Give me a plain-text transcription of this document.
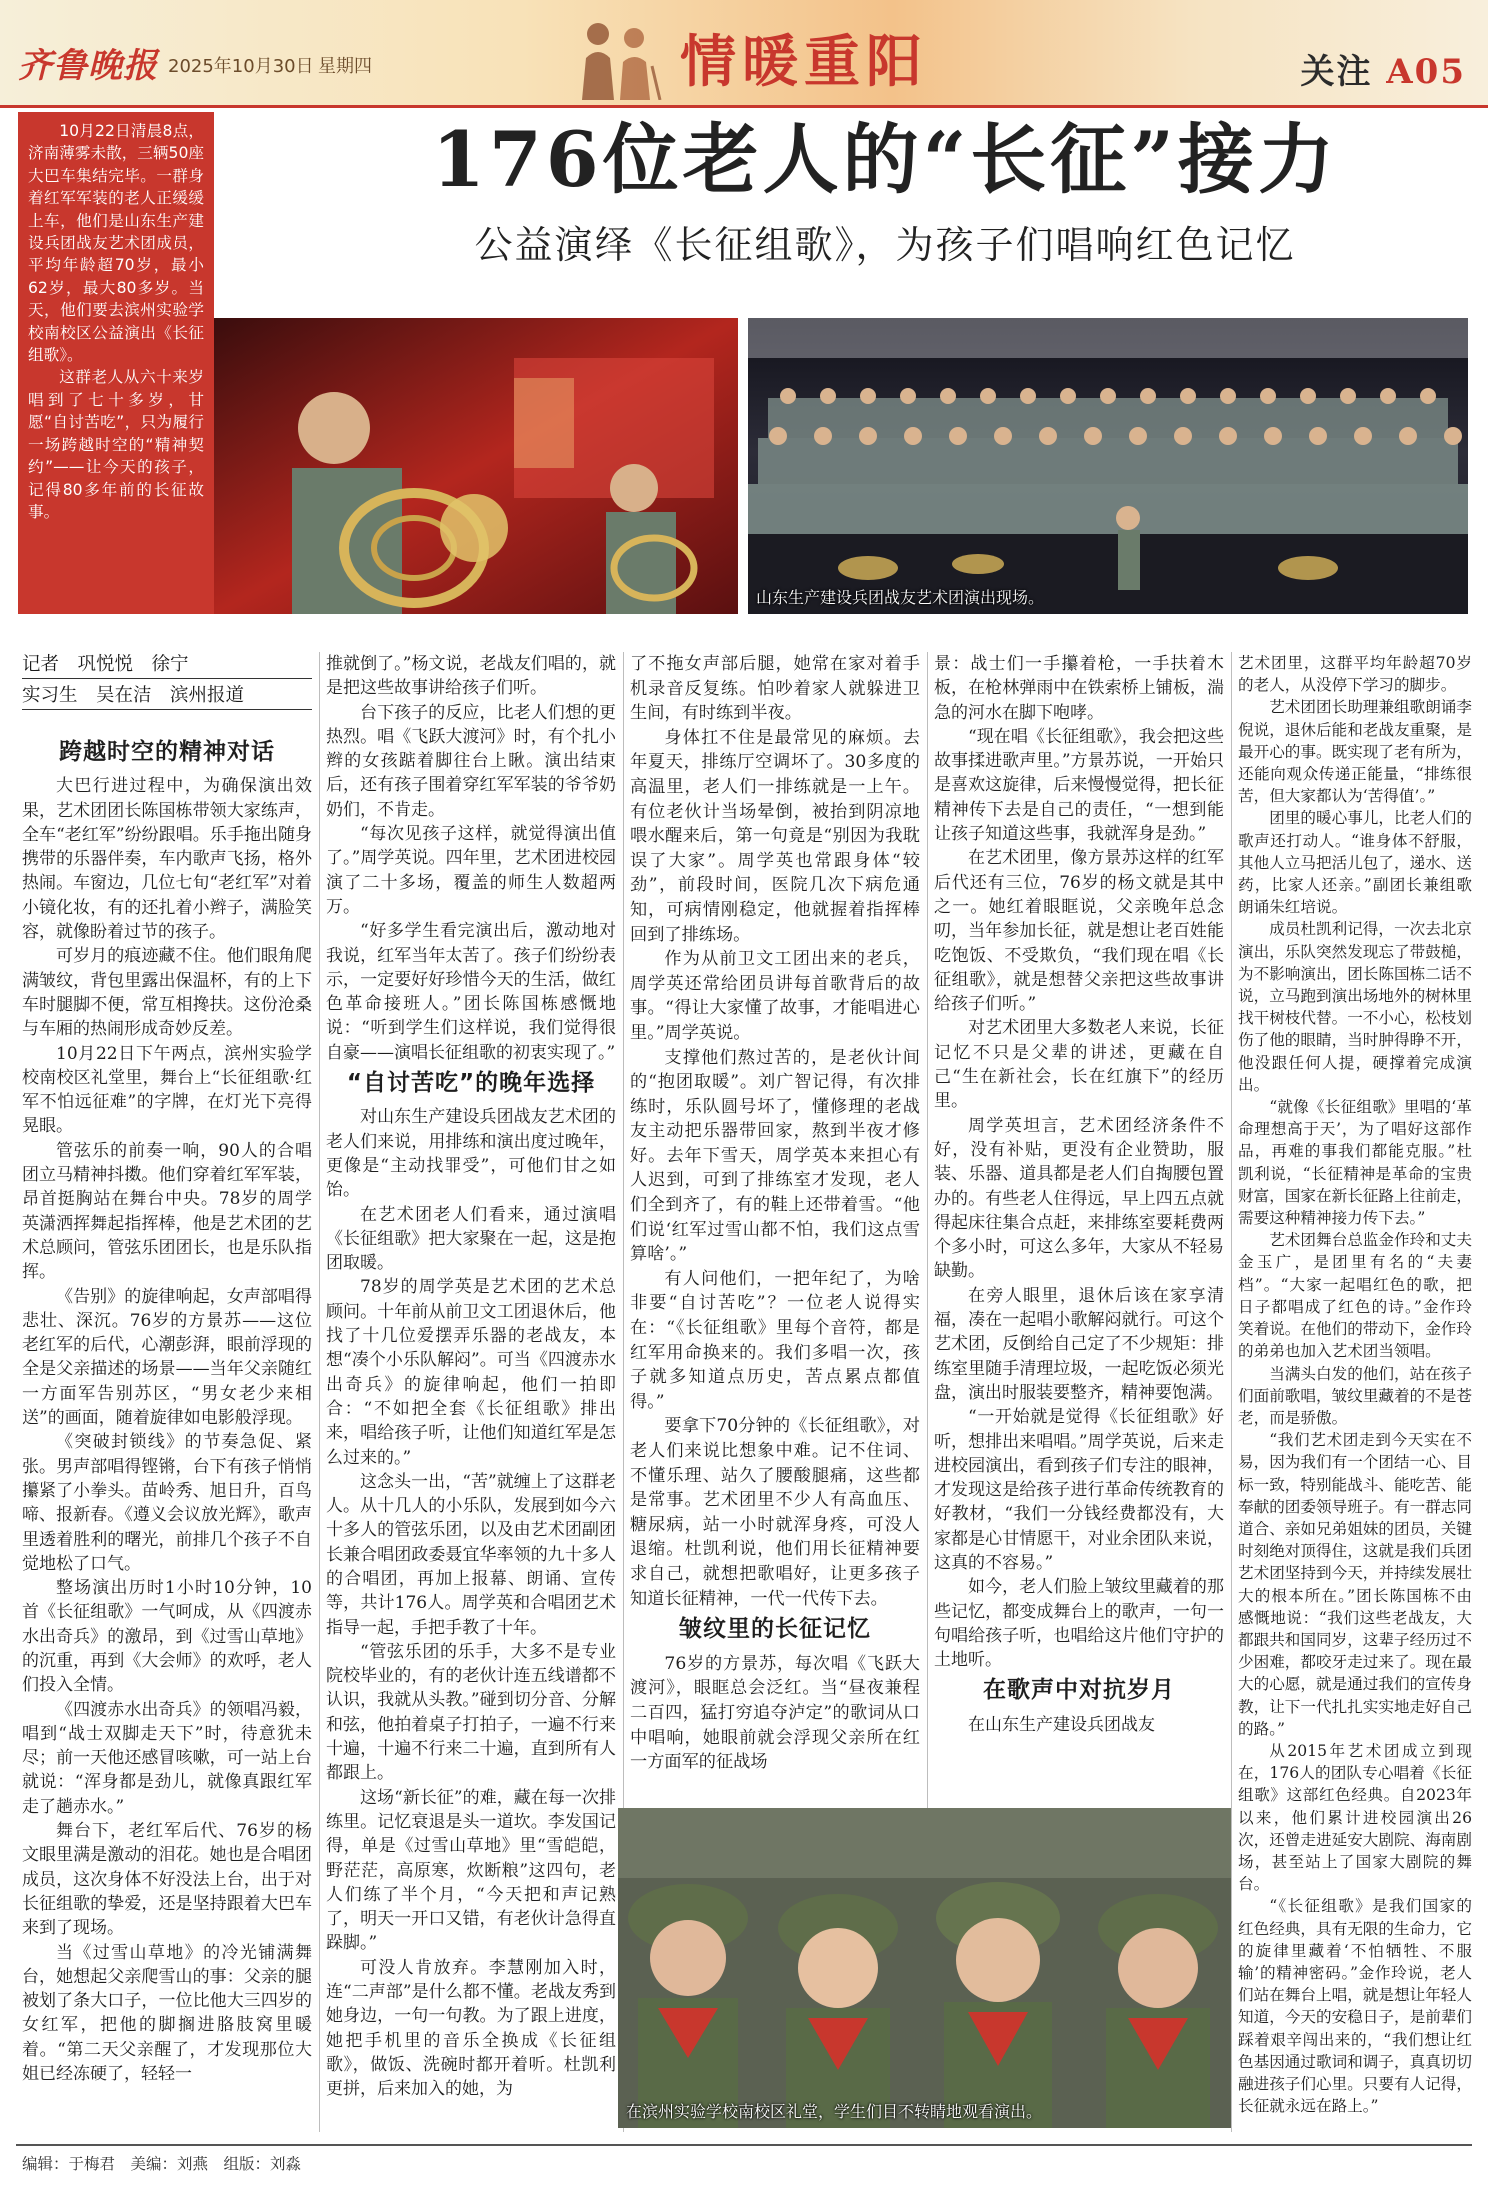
齐鲁晚报 2025年10月30日 星期四	情暖重阳	关注 A05

10月22日清晨8点，济南薄雾未散，三辆50座大巴车集结完毕。一群身着红军军装的老人正缓缓上车，他们是山东生产建设兵团战友艺术团成员，平均年龄超70岁，最小62岁，最大80多岁。当天，他们要去滨州实验学校南校区公益演出《长征组歌》。

这群老人从六十来岁唱到了七十多岁，甘愿“自讨苦吃”，只为履行一场跨越时空的“精神契约”——让今天的孩子，记得80多年前的长征故事。

176位老人的“长征”接力
公益演绎《长征组歌》，为孩子们唱响红色记忆
山东生产建设兵团战友艺术团演出现场。
记者　巩悦悦　徐宁
实习生　吴在洁　滨州报道
跨越时空的精神对话

大巴行进过程中，为确保演出效果，艺术团团长陈国栋带领大家练声，全车“老红军”纷纷跟唱。乐手拖出随身携带的乐器伴奏，车内歌声飞扬，格外热闹。车窗边，几位七旬“老红军”对着小镜化妆，有的还扎着小辫子，满脸笑容，就像盼着过节的孩子。

可岁月的痕迹藏不住。他们眼角爬满皱纹，背包里露出保温杯，有的上下车时腿脚不便，常互相搀扶。这份沧桑与车厢的热闹形成奇妙反差。

10月22日下午两点，滨州实验学校南校区礼堂里，舞台上“长征组歌·红军不怕远征难”的字牌，在灯光下亮得晃眼。

管弦乐的前奏一响，90人的合唱团立马精神抖擞。他们穿着红军军装，昂首挺胸站在舞台中央。78岁的周学英潇洒挥舞起指挥棒，他是艺术团的艺术总顾问，管弦乐团团长，也是乐队指挥。

《告别》的旋律响起，女声部唱得悲壮、深沉。76岁的方景苏——这位老红军的后代，心潮彭湃，眼前浮现的全是父亲描述的场景——当年父亲随红一方面军告别苏区，“男女老少来相送”的画面，随着旋律如电影般浮现。

《突破封锁线》的节奏急促、紧张。男声部唱得铿锵，台下有孩子悄悄攥紧了小拳头。苗岭秀、旭日升，百鸟啼、报新春。《遵义会议放光辉》，歌声里透着胜利的曙光，前排几个孩子不自觉地松了口气。

整场演出历时1小时10分钟，10首《长征组歌》一气呵成，从《四渡赤水出奇兵》的激昂，到《过雪山草地》的沉重，再到《大会师》的欢呼，老人们投入全情。

《四渡赤水出奇兵》的领唱冯毅，唱到“战士双脚走天下”时，待意犹未尽；前一天他还感冒咳嗽，可一站上台就说：“浑身都是劲儿，就像真跟红军走了趟赤水。”

舞台下，老红军后代、76岁的杨文眼里满是激动的泪花。她也是合唱团成员，这次身体不好没法上台，出于对长征组歌的挚爱，还是坚持跟着大巴车来到了现场。

当《过雪山草地》的冷光铺满舞台，她想起父亲爬雪山的事：父亲的腿被划了条大口子，一位比他大三四岁的女红军，把他的脚搁进胳肢窝里暖着。“第二天父亲醒了，才发现那位大姐已经冻硬了，轻轻一

推就倒了。”杨文说，老战友们唱的，就是把这些故事讲给孩子们听。

台下孩子的反应，比老人们想的更热烈。唱《飞跃大渡河》时，有个扎小辫的女孩踮着脚往台上瞅。演出结束后，还有孩子围着穿红军军装的爷爷奶奶们，不肯走。

“每次见孩子这样，就觉得演出值了。”周学英说。四年里，艺术团进校园演了二十多场，覆盖的师生人数超两万。

“好多学生看完演出后，激动地对我说，红军当年太苦了。孩子们纷纷表示，一定要好好珍惜今天的生活，做红色革命接班人。”团长陈国栋感慨地说：“听到学生们这样说，我们觉得很自豪——演唱长征组歌的初衷实现了。”

“自讨苦吃”的晚年选择

对山东生产建设兵团战友艺术团的老人们来说，用排练和演出度过晚年，更像是“主动找罪受”，可他们甘之如饴。

在艺术团老人们看来，通过演唱《长征组歌》把大家聚在一起，这是抱团取暖。

78岁的周学英是艺术团的艺术总顾问。十年前从前卫文工团退休后，他找了十几位爱摆弄乐器的老战友，本想“凑个小乐队解闷”。可当《四渡赤水出奇兵》的旋律响起，他们一拍即合：“不如把全套《长征组歌》排出来，唱给孩子听，让他们知道红军是怎么过来的。”

这念头一出，“苦”就缠上了这群老人。从十几人的小乐队，发展到如今六十多人的管弦乐团，以及由艺术团副团长兼合唱团政委聂宜华率领的九十多人的合唱团，再加上报幕、朗诵、宣传等，共计176人。周学英和合唱团艺术指导一起，手把手教了十年。

“管弦乐团的乐手，大多不是专业院校毕业的，有的老伙计连五线谱都不认识，我就从头教。”碰到切分音、分解和弦，他拍着桌子打拍子，一遍不行来十遍，十遍不行来二十遍，直到所有人都跟上。

这场“新长征”的难，藏在每一次排练里。记忆衰退是头一道坎。李发国记得，单是《过雪山草地》里“雪皑皑，野茫茫，高原寒，炊断粮”这四句，老人们练了半个月，“今天把和声记熟了，明天一开口又错，有老伙计急得直跺脚。”

可没人肯放弃。李慧刚加入时，连“二声部”是什么都不懂。老战友秀到她身边，一句一句教。为了跟上进度，她把手机里的音乐全换成《长征组歌》，做饭、洗碗时都开着听。杜凯利更拼，后来加入的她，为

了不拖女声部后腿，她常在家对着手机录音反复练。怕吵着家人就躲进卫生间，有时练到半夜。

身体扛不住是最常见的麻烦。去年夏天，排练厅空调坏了。30多度的高温里，老人们一排练就是一上午。有位老伙计当场晕倒，被抬到阴凉地喂水醒来后，第一句竟是“别因为我耽误了大家”。周学英也常跟身体“较劲”，前段时间，医院几次下病危通知，可病情刚稳定，他就握着指挥棒回到了排练场。

作为从前卫文工团出来的老兵，周学英还常给团员讲每首歌背后的故事。“得让大家懂了故事，才能唱进心里。”周学英说。

支撑他们熬过苦的，是老伙计间的“抱团取暖”。刘广智记得，有次排练时，乐队圆号坏了，懂修理的老战友主动把乐器带回家，熬到半夜才修好。去年下雪天，周学英本来担心有人迟到，可到了排练室才发现，老人们全到齐了，有的鞋上还带着雪。“他们说‘红军过雪山都不怕，我们这点雪算啥’。”

有人问他们，一把年纪了，为啥非要“自讨苦吃”？一位老人说得实在：“《长征组歌》里每个音符，都是红军用命换来的。我们多唱一次，孩子就多知道点历史，苦点累点都值得。”

要拿下70分钟的《长征组歌》，对老人们来说比想象中难。记不住词、不懂乐理、站久了腰酸腿痛，这些都是常事。艺术团里不少人有高血压、糖尿病，站一小时就浑身疼，可没人退缩。杜凯利说，他们用长征精神要求自己，就想把歌唱好，让更多孩子知道长征精神，一代一代传下去。

皱纹里的长征记忆

76岁的方景苏，每次唱《飞跃大渡河》，眼眶总会泛红。当“昼夜兼程二百四，猛打穷追夺泸定”的歌词从口中唱响，她眼前就会浮现父亲所在红一方面军的征战场

景：战士们一手攥着枪，一手扶着木板，在枪林弹雨中在铁索桥上铺板，湍急的河水在脚下咆哮。

“现在唱《长征组歌》，我会把这些故事揉进歌声里。”方景苏说，一开始只是喜欢这旋律，后来慢慢觉得，把长征精神传下去是自己的责任，“一想到能让孩子知道这些事，我就浑身是劲。”

在艺术团里，像方景苏这样的红军后代还有三位，76岁的杨文就是其中之一。她红着眼眶说，父亲晚年总念叨，当年参加长征，就是想让老百姓能吃饱饭、不受欺负，“我们现在唱《长征组歌》，就是想替父亲把这些故事讲给孩子们听。”

对艺术团里大多数老人来说，长征记忆不只是父辈的讲述，更藏在自己“生在新社会，长在红旗下”的经历里。

周学英坦言，艺术团经济条件不好，没有补贴，更没有企业赞助，服装、乐器、道具都是老人们自掏腰包置办的。有些老人住得远，早上四五点就得起床往集合点赶，来排练室要耗费两个多小时，可这么多年，大家从不轻易缺勤。

在旁人眼里，退休后该在家享清福，凑在一起唱小歌解闷就行。可这个艺术团，反倒给自己定了不少规矩：排练室里随手清理垃圾，一起吃饭必须光盘，演出时服装要整齐，精神要饱满。

“一开始就是觉得《长征组歌》好听，想排出来唱唱。”周学英说，后来走进校园演出，看到孩子们专注的眼神，才发现这是给孩子进行革命传统教育的好教材，“我们一分钱经费都没有，大家都是心甘情愿干，对业余团队来说，这真的不容易。”

如今，老人们脸上皱纹里藏着的那些记忆，都变成舞台上的歌声，一句一句唱给孩子听，也唱给这片他们守护的土地听。

在歌声中对抗岁月

在山东生产建设兵团战友

在滨州实验学校南校区礼堂，学生们目不转睛地观看演出。

艺术团里，这群平均年龄超70岁的老人，从没停下学习的脚步。

艺术团团长助理兼组歌朗诵李倪说，退休后能和老战友重聚，是最开心的事。既实现了老有所为，还能向观众传递正能量，“排练很苦，但大家都认为‘苦得值’。”

团里的暖心事儿，比老人们的歌声还打动人。“谁身体不舒服，其他人立马把活儿包了，递水、送药，比家人还亲。”副团长兼组歌朗诵朱红培说。

成员杜凯利记得，一次去北京演出，乐队突然发现忘了带鼓槌，为不影响演出，团长陈国栋二话不说，立马跑到演出场地外的树林里找干树枝代替。一不小心，松枝划伤了他的眼睛，当时肿得睁不开，他没跟任何人提，硬撑着完成演出。

“就像《长征组歌》里唱的‘革命理想高于天’，为了唱好这部作品，再难的事我们都能克服。”杜凯利说，“长征精神是革命的宝贵财富，国家在新长征路上往前走，需要这种精神接力传下去。”

艺术团舞台总监金作玲和丈夫金玉广，是团里有名的“夫妻档”。“大家一起唱红色的歌，把日子都唱成了红色的诗。”金作玲笑着说。在他们的带动下，金作玲的弟弟也加入艺术团当领唱。

当满头白发的他们，站在孩子们面前歌唱，皱纹里藏着的不是苍老，而是骄傲。

“我们艺术团走到今天实在不易，因为我们有一个团结一心、目标一致，特别能战斗、能吃苦、能奉献的团委领导班子。有一群志同道合、亲如兄弟姐妹的团员，关键时刻绝对顶得住，这就是我们兵团艺术团坚持到今天，并持续发展壮大的根本所在。”团长陈国栋不由感慨地说：“我们这些老战友，大都跟共和国同岁，这辈子经历过不少困难，都咬牙走过来了。现在最大的心愿，就是通过我们的宣传身教，让下一代扎扎实实地走好自己的路。”

从2015年艺术团成立到现在，176人的团队专心唱着《长征组歌》这部红色经典。自2023年以来，他们累计进校园演出26次，还曾走进延安大剧院、海南剧场，甚至站上了国家大剧院的舞台。

“《长征组歌》是我们国家的红色经典，具有无限的生命力，它的旋律里藏着‘不怕牺牲、不服输’的精神密码。”金作玲说，老人们站在舞台上唱，就是想让年轻人知道，今天的安稳日子，是前辈们踩着艰辛闯出来的，“我们想让红色基因通过歌词和调子，真真切切融进孩子们心里。只要有人记得，长征就永远在路上。”

编辑：于梅君　美编：刘燕　组版：刘淼
